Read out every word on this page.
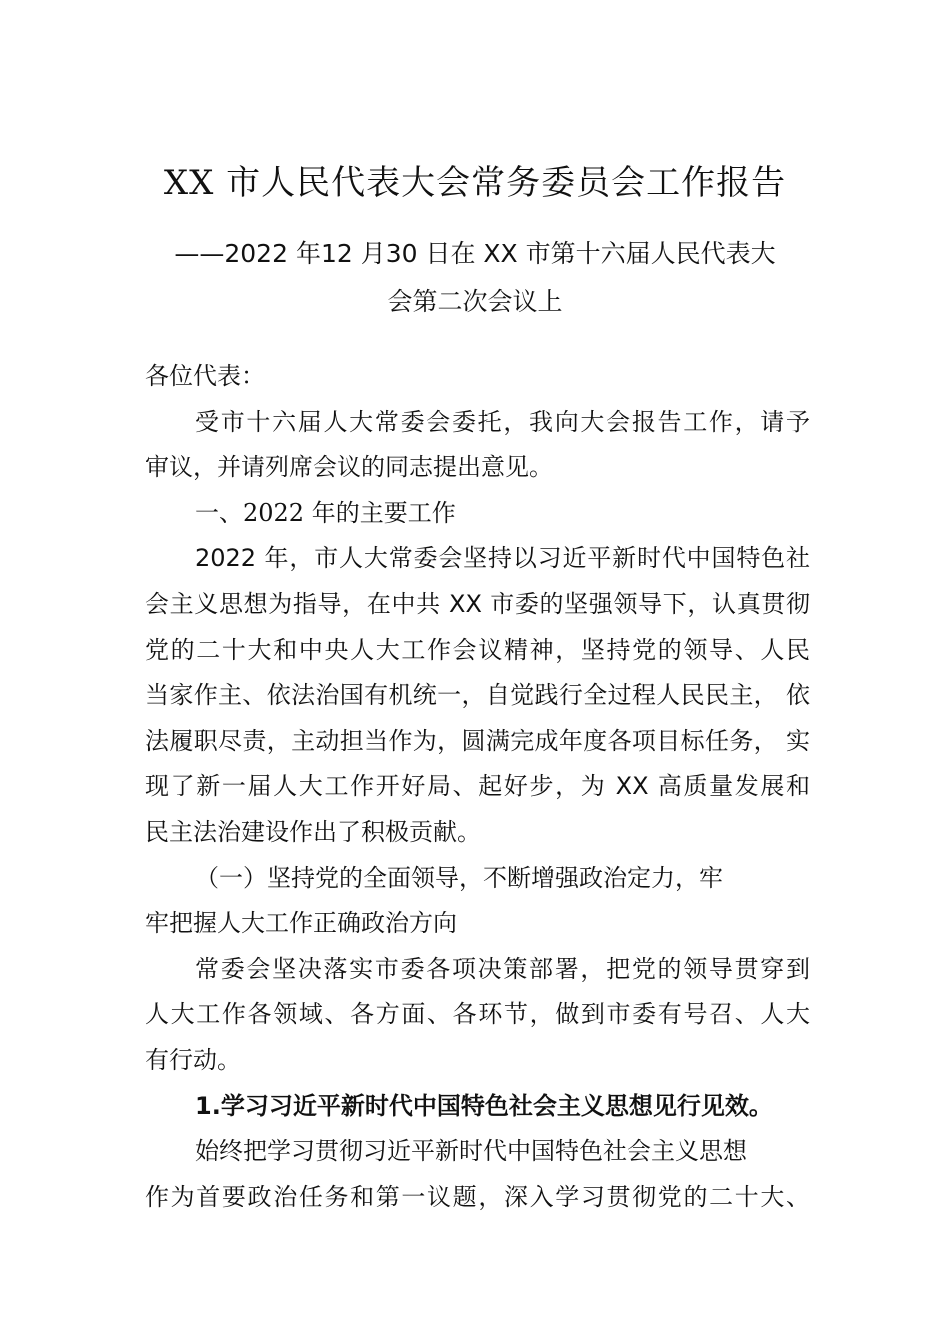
XX 市人民代表大会常务委员会工作报告
——2022 年12 月30 日在 XX 市第十六届人民代表大
会第二次会议上
各位代表：
受市十六届人大常委会委托，我向大会报告工作，请予
审议，并请列席会议的同志提出意见。
一、2022 年的主要工作
2022 年，市人大常委会坚持以习近平新时代中国特色社
会主义思想为指导，在中共 XX 市委的坚强领导下，认真贯彻
党的二十大和中央人大工作会议精神，坚持党的领导、人民
当家作主、依法治国有机统一，自觉践行全过程人民民主， 依
法履职尽责，主动担当作为，圆满完成年度各项目标任务， 实
现了新一届人大工作开好局、起好步，为 XX 高质量发展和
民主法治建设作出了积极贡献。
（一）坚持党的全面领导，不断增强政治定力，牢
牢把握人大工作正确政治方向
常委会坚决落实市委各项决策部署，把党的领导贯穿到
人大工作各领域、各方面、各环节，做到市委有号召、人大
有行动。
1.学习习近平新时代中国特色社会主义思想见行见效。
始终把学习贯彻习近平新时代中国特色社会主义思想
作为首要政治任务和第一议题，深入学习贯彻党的二十大、
